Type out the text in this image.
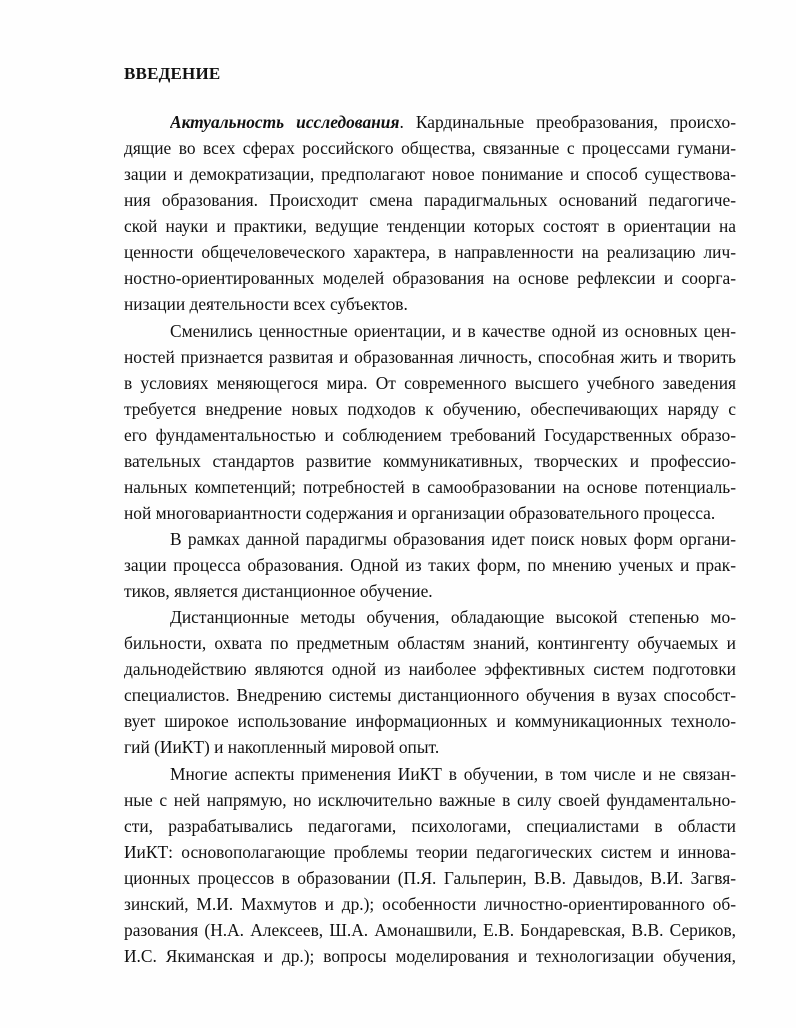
ВВЕДЕНИЕ
Актуальность исследования. Кардинальные преобразования, происхо-
дящие во всех сферах российского общества, связанные с процессами гумани-
зации и демократизации, предполагают новое понимание и способ существова-
ния образования. Происходит смена парадигмальных оснований педагогиче-
ской науки и практики, ведущие тенденции которых состоят в ориентации на
ценности общечеловеческого характера, в направленности на реализацию лич-
ностно-ориентированных моделей образования на основе рефлексии и соорга-
низации деятельности всех субъектов.
Сменились ценностные ориентации, и в качестве одной из основных цен-
ностей признается развитая и образованная личность, способная жить и творить
в условиях меняющегося мира. От современного высшего учебного заведения
требуется внедрение новых подходов к обучению, обеспечивающих наряду с
его фундаментальностью и соблюдением требований Государственных образо-
вательных стандартов развитие коммуникативных, творческих и профессио-
нальных компетенций; потребностей в самообразовании на основе потенциаль-
ной многовариантности содержания и организации образовательного процесса.
В рамках данной парадигмы образования идет поиск новых форм органи-
зации процесса образования. Одной из таких форм, по мнению ученых и прак-
тиков, является дистанционное обучение.
Дистанционные методы обучения, обладающие высокой степенью мо-
бильности, охвата по предметным областям знаний, контингенту обучаемых и
дальнодействию являются одной из наиболее эффективных систем подготовки
специалистов. Внедрению системы дистанционного обучения в вузах способст-
вует широкое использование информационных и коммуникационных техноло-
гий (ИиКТ) и накопленный мировой опыт.
Многие аспекты применения ИиКТ в обучении, в том числе и не связан-
ные с ней напрямую, но исключительно важные в силу своей фундаментально-
сти, разрабатывались педагогами, психологами, специалистами в области
ИиКТ: основополагающие проблемы теории педагогических систем и иннова-
ционных процессов в образовании (П.Я. Гальперин, В.В. Давыдов, В.И. Загвя-
зинский, М.И. Махмутов и др.); особенности личностно-ориентированного об-
разования (Н.А. Алексеев, Ш.А. Амонашвили, Е.В. Бондаревская, В.В. Сериков,
И.С. Якиманская и др.); вопросы моделирования и технологизации обучения,
